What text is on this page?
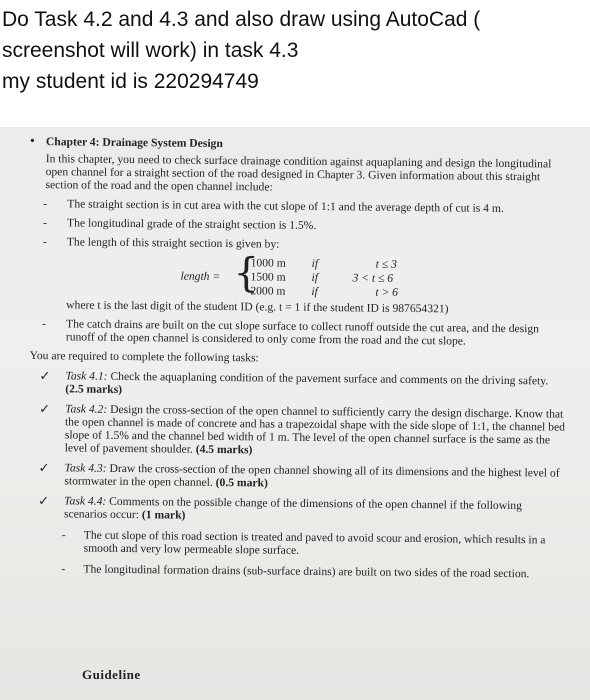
Do Task 4.2 and 4.3 and also draw using AutoCad (
screenshot will work) in task 4.3
my student id is 220294749
• Chapter 4: Drainage System Design
In this chapter, you need to check surface drainage condition against aquaplaning and design the longitudinal open channel for a straight section of the road designed in Chapter 3. Given information about this straight section of the road and the open channel include:
- The straight section is in cut area with the cut slope of 1:1 and the average depth of cut is 4 m.
- The longitudinal grade of the straight section is 1.5%.
- The length of this straight section is given by:
length = {
1000 m if	t ≤ 3
1500 m if	3 < t ≤ 6
2000 m if	t > 6
where t is the last digit of the student ID (e.g. t = 1 if the student ID is 987654321)
- The catch drains are built on the cut slope surface to collect runoff outside the cut area, and the design runoff of the open channel is considered to only come from the road and the cut slope.
You are required to complete the following tasks:
✓ Task 4.1: Check the aquaplaning condition of the pavement surface and comments on the driving safety. (2.5 marks)
✓ Task 4.2: Design the cross-section of the open channel to sufficiently carry the design discharge. Know that the open channel is made of concrete and has a trapezoidal shape with the side slope of 1:1, the channel bed slope of 1.5% and the channel bed width of 1 m. The level of the open channel surface is the same as the level of pavement shoulder. (4.5 marks)
✓ Task 4.3: Draw the cross-section of the open channel showing all of its dimensions and the highest level of stormwater in the open channel. (0.5 mark)
✓ Task 4.4: Comments on the possible change of the dimensions of the open channel if the following scenarios occur: (1 mark)
- The cut slope of this road section is treated and paved to avoid scour and erosion, which results in a smooth and very low permeable slope surface.
- The longitudinal formation drains (sub-surface drains) are built on two sides of the road section.
Guideline
